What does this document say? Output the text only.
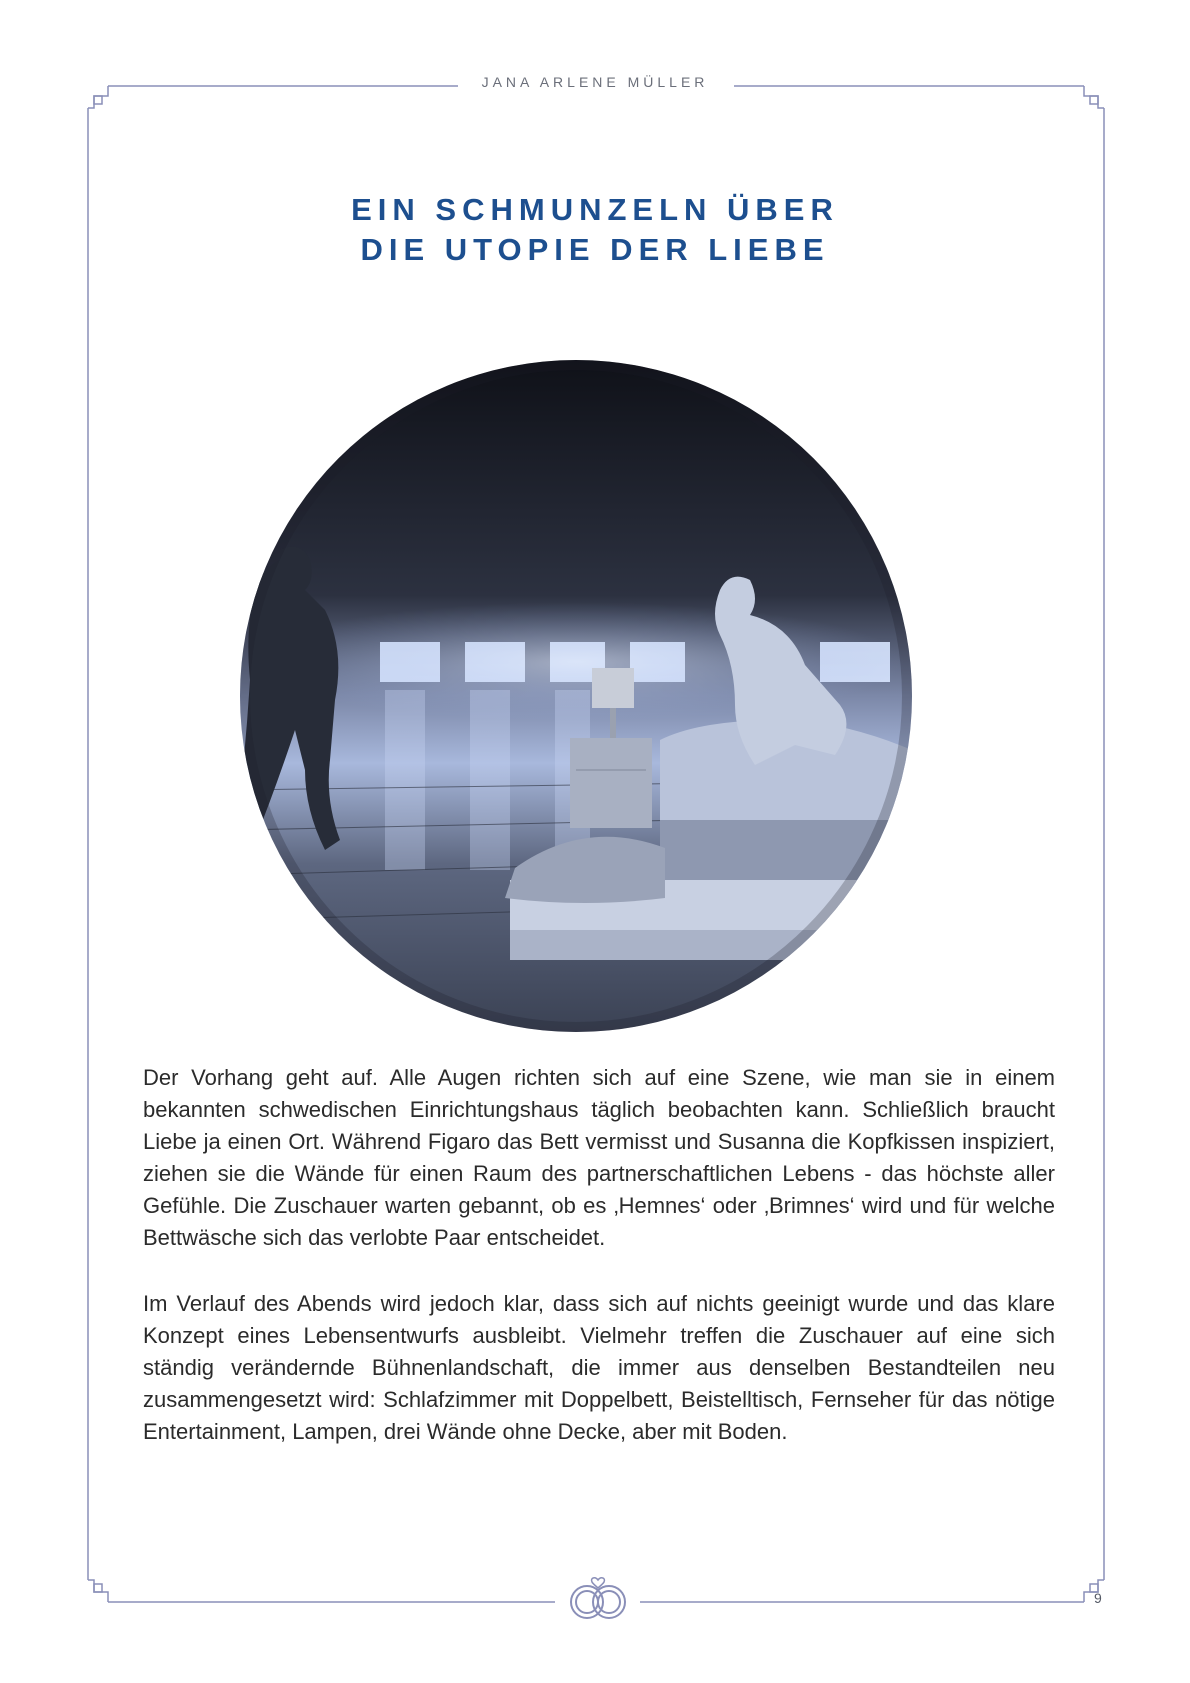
JANA ARLENE MÜLLER
EIN SCHMUNZELN ÜBER
DIE UTOPIE DER LIEBE

Der Vorhang geht auf. Alle Augen richten sich auf eine Szene, wie man sie in einem bekannten schwedischen Einrichtungshaus täglich beobachten kann. Schließlich braucht Liebe ja einen Ort. Während Figaro das Bett vermisst und Susanna die Kopfkissen inspiziert, ziehen sie die Wände für einen Raum des partnerschaftlichen Lebens - das höchste aller Gefühle. Die Zuschauer warten gebannt, ob es ‚Hemnes‘ oder ‚Brimnes‘ wird und für welche Bettwäsche sich das verlobte Paar entscheidet.

Im Verlauf des Abends wird jedoch klar, dass sich auf nichts geeinigt wurde und das klare Konzept eines Lebensentwurfs ausbleibt. Vielmehr treffen die Zuschauer auf eine sich ständig verändernde Bühnenlandschaft, die immer aus denselben Bestandteilen neu zusammengesetzt wird: Schlafzimmer mit Doppelbett, Beistelltisch, Fernseher für das nötige Entertainment, Lampen, drei Wände ohne Decke, aber mit Boden.

9
